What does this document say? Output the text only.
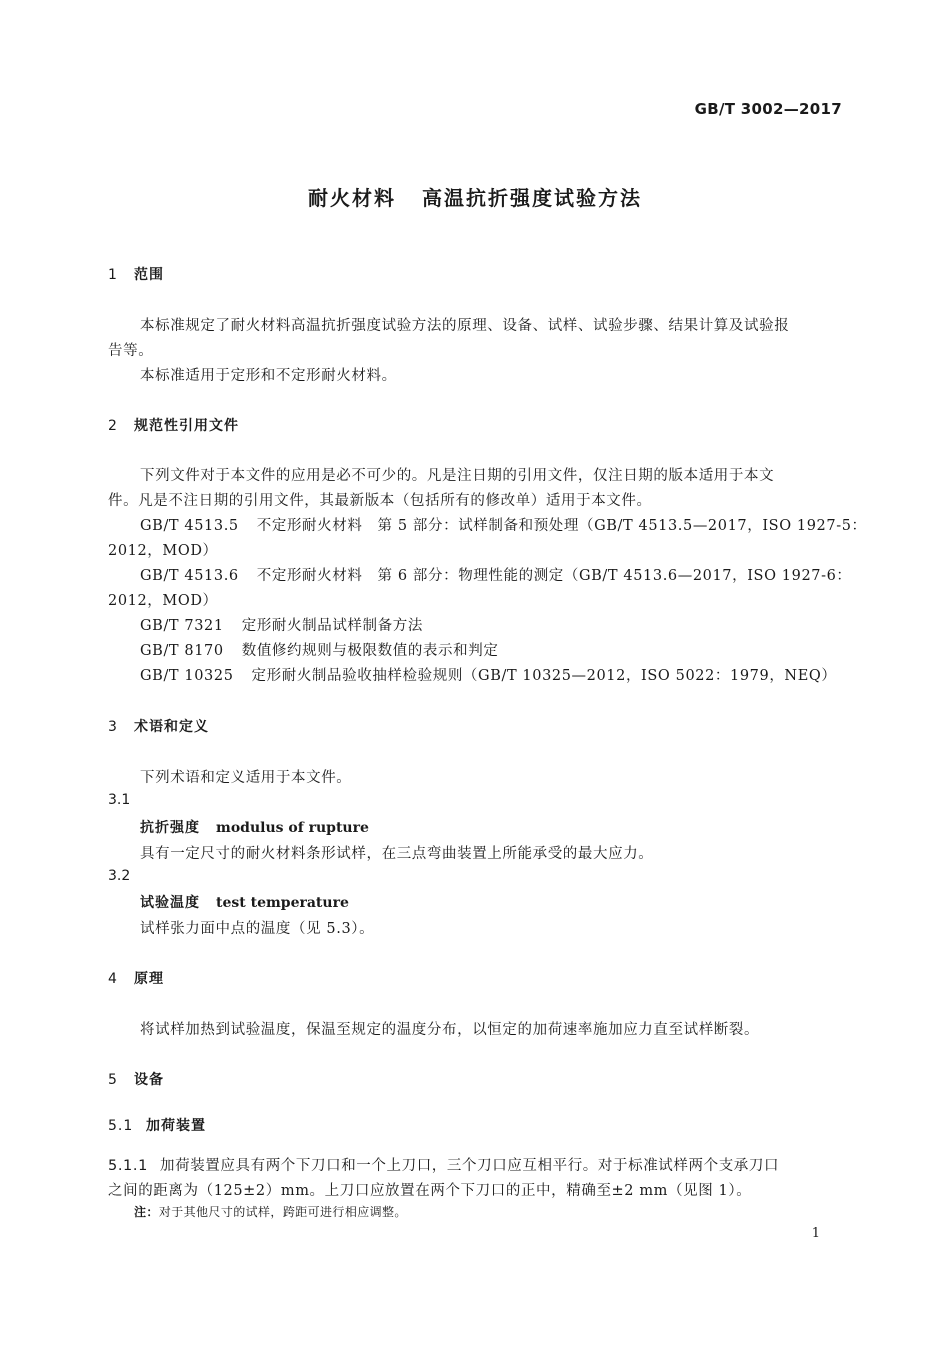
GB/T 3002—2017
耐火材料 高温抗折强度试验方法
1 范围
本标准规定了耐火材料高温抗折强度试验方法的原理、设备、试样、试验步骤、结果计算及试验报
告等。
本标准适用于定形和不定形耐火材料。
2 规范性引用文件
下列文件对于本文件的应用是必不可少的。凡是注日期的引用文件，仅注日期的版本适用于本文
件。凡是不注日期的引用文件，其最新版本（包括所有的修改单）适用于本文件。
GB/T 4513.5 不定形耐火材料　第 5 部分：试样制备和预处理（GB/T 4513.5—2017，ISO 1927-5：
2012，MOD）
GB/T 4513.6 不定形耐火材料　第 6 部分：物理性能的测定（GB/T 4513.6—2017，ISO 1927-6：
2012，MOD）
GB/T 7321 定形耐火制品试样制备方法
GB/T 8170 数值修约规则与极限数值的表示和判定
GB/T 10325 定形耐火制品验收抽样检验规则（GB/T 10325—2012，ISO 5022：1979，NEQ）
3 术语和定义
下列术语和定义适用于本文件。
3.1
抗折强度 modulus of rupture
具有一定尺寸的耐火材料条形试样，在三点弯曲装置上所能承受的最大应力。
3.2
试验温度 test temperature
试样张力面中点的温度（见 5.3）。
4 原理
将试样加热到试验温度，保温至规定的温度分布，以恒定的加荷速率施加应力直至试样断裂。
5 设备
5.1 加荷装置
5.1.1 加荷装置应具有两个下刀口和一个上刀口，三个刀口应互相平行。对于标准试样两个支承刀口
之间的距离为（125±2）mm。上刀口应放置在两个下刀口的正中，精确至±2 mm（见图 1）。
注：对于其他尺寸的试样，跨距可进行相应调整。
1
